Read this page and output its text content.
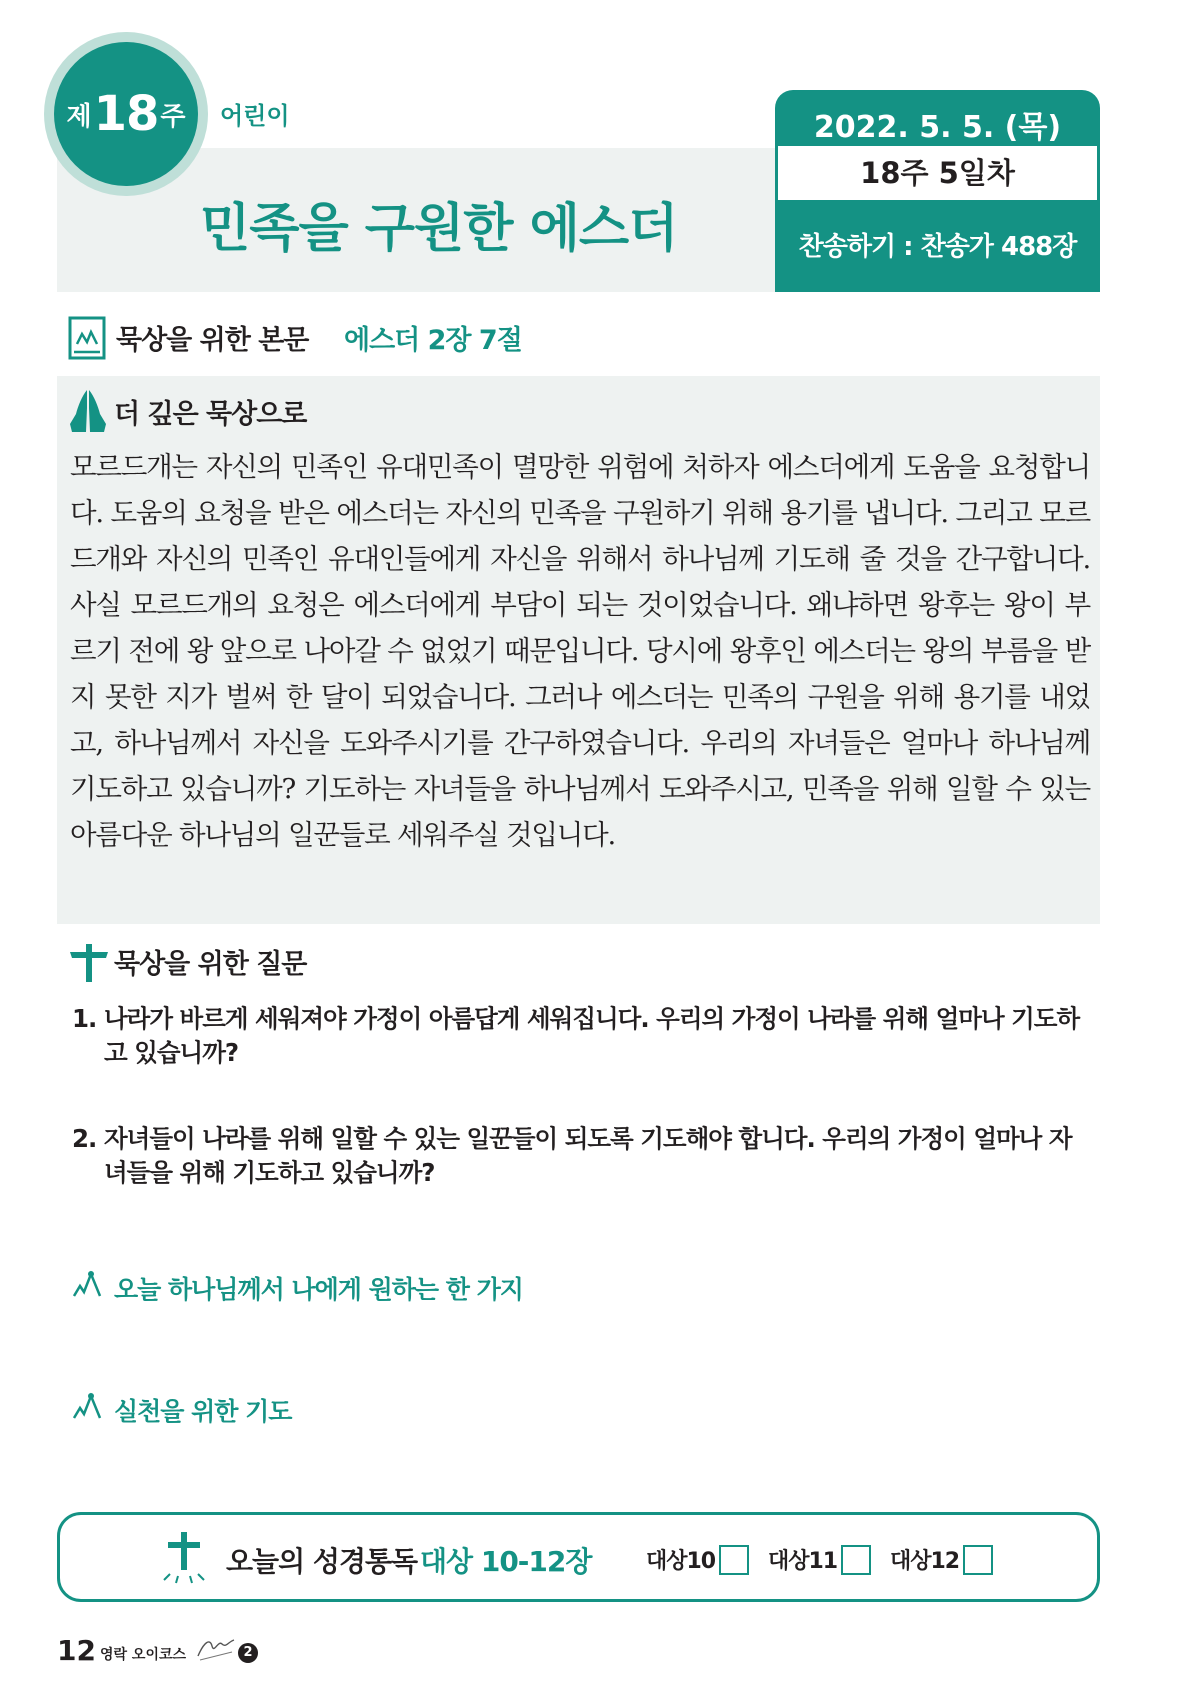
제 18 주 어린이
민족을 구원한 에스더
2022. 5. 5. (목)
18주 5일차
찬송하기 : 찬송가 488장
묵상을 위한 본문 에스더 2장 7절
더 깊은 묵상으로

모르드개는 자신의 민족인 유대민족이 멸망한 위험에 처하자 에스더에게 도움을 요청합니다. 도움의 요청을 받은 에스더는 자신의 민족을 구원하기 위해 용기를 냅니다. 그리고 모르드개와 자신의 민족인 유대인들에게 자신을 위해서 하나님께 기도해 줄 것을 간구합니다. 사실 모르드개의 요청은 에스더에게 부담이 되는 것이었습니다. 왜냐하면 왕후는 왕이 부르기 전에 왕 앞으로 나아갈 수 없었기 때문입니다. 당시에 왕후인 에스더는 왕의 부름을 받지 못한 지가 벌써 한 달이 되었습니다. 그러나 에스더는 민족의 구원을 위해 용기를 내었고, 하나님께서 자신을 도와주시기를 간구하였습니다. 우리의 자녀들은 얼마나 하나님께 기도하고 있습니까? 기도하는 자녀들을 하나님께서 도와주시고, 민족을 위해 일할 수 있는 아름다운 하나님의 일꾼들로 세워주실 것입니다.

묵상을 위한 질문
1. 나라가 바르게 세워져야 가정이 아름답게 세워집니다. 우리의 가정이 나라를 위해 얼마나 기도하고 있습니까?
2. 자녀들이 나라를 위해 일할 수 있는 일꾼들이 되도록 기도해야 합니다. 우리의 가정이 얼마나 자녀들을 위해 기도하고 있습니까?
오늘 하나님께서 나에게 원하는 한 가지
실천을 위한 기도
오늘의 성경통독 대상 10-12장 대상10 대상11 대상12
12 영락 오이코스	2
